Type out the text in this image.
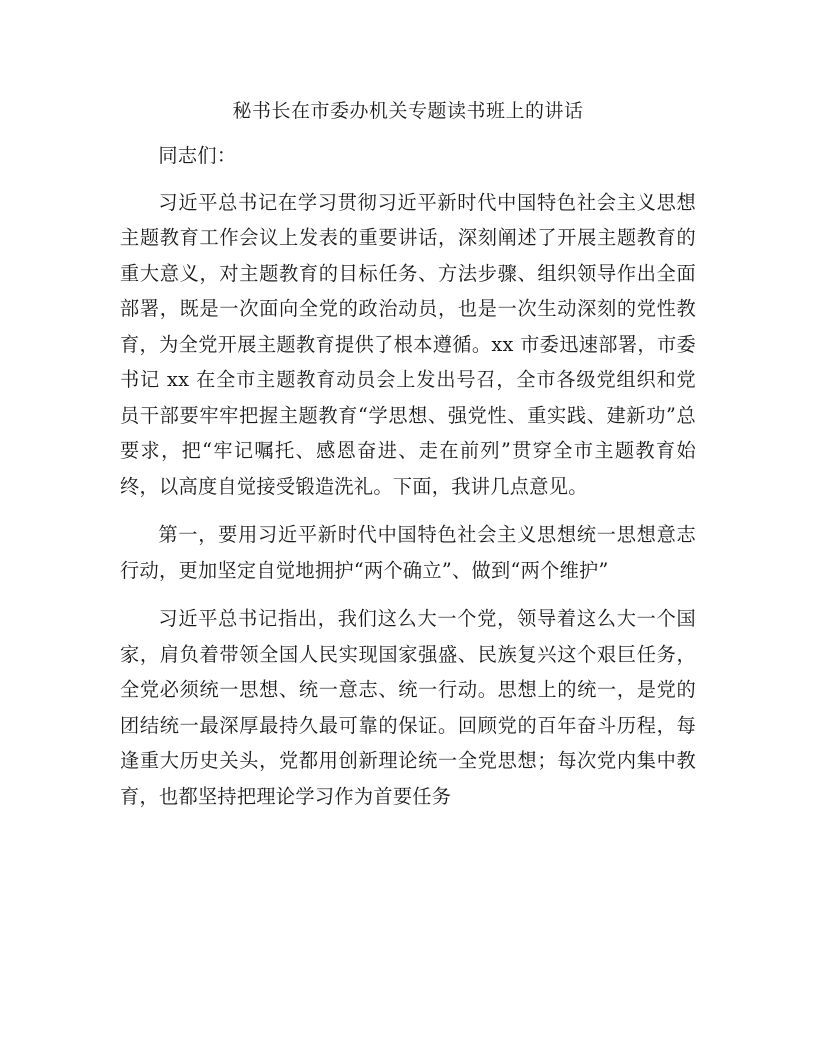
秘书长在市委办机关专题读书班上的讲话

同志们：

习近平总书记在学习贯彻习近平新时代中国特色社会主义思想主题教育工作会议上发表的重要讲话，深刻阐述了开展主题教育的重大意义，对主题教育的目标任务、方法步骤、组织领导作出全面部署，既是一次面向全党的政治动员，也是一次生动深刻的党性教育，为全党开展主题教育提供了根本遵循。xx 市委迅速部署，市委书记 xx 在全市主题教育动员会上发出号召，全市各级党组织和党员干部要牢牢把握主题教育“学思想、强党性、重实践、建新功”总要求，把“牢记嘱托、感恩奋进、走在前列”贯穿全市主题教育始终，以高度自觉接受锻造洗礼。下面，我讲几点意见。

第一，要用习近平新时代中国特色社会主义思想统一思想意志行动，更加坚定自觉地拥护“两个确立”、做到“两个维护”

习近平总书记指出，我们这么大一个党，领导着这么大一个国家，肩负着带领全国人民实现国家强盛、民族复兴这个艰巨任务，全党必须统一思想、统一意志、统一行动。思想上的统一，是党的团结统一最深厚最持久最可靠的保证。回顾党的百年奋斗历程，每逢重大历史关头，党都用创新理论统一全党思想；每次党内集中教育，也都坚持把理论学习作为首要任务
